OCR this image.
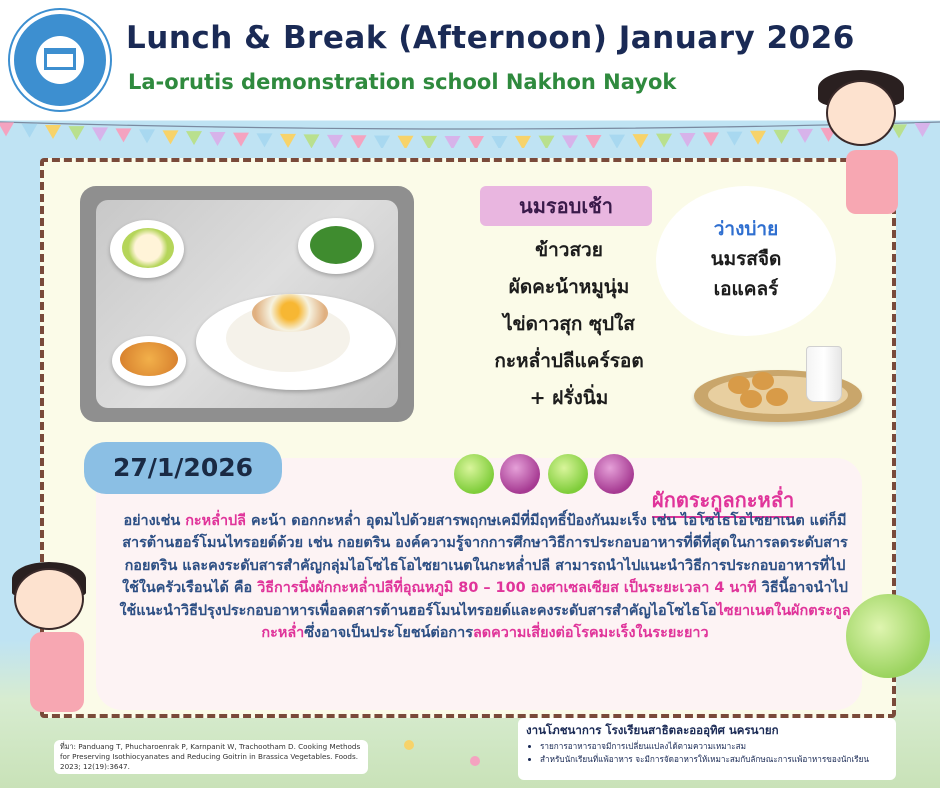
Lunch & Break (Afternoon) January 2026
La-orutis demonstration school Nakhon Nayok
นมรอบเช้า
ข้าวสวย
ผัดคะน้าหมูนุ่ม
ไข่ดาวสุก ซุปใส
กะหล่ำปลีแคร์รอต
+ ฝรั่งนิ่ม
ว่างบ่าย
นมรสจืด
เอแคลร์
27/1/2026
ผักตระกูลกะหล่ำ
อย่างเช่น กะหล่ำปลี คะน้า ดอกกะหล่ำ อุดมไปด้วยสารพฤกษเคมีที่มีฤทธิ์ป้องกันมะเร็ง เช่น ไอโซไธโอไซยาเนต แต่ก็มีสารต้านฮอร์โมนไทรอยด์ด้วย เช่น กอยตริน องค์ความรู้จากการศึกษาวิธีการประกอบอาหารที่ดีที่สุดในการลดระดับสารกอยตริน และคงระดับสารสำคัญกลุ่มไอโซไธโอไซยาเนตในกะหล่ำปลี สามารถนำไปแนะนำวิธีการประกอบอาหารที่ไปใช้ในครัวเรือนได้ คือ วิธีการนึ่งผักกะหล่ำปลีที่อุณหภูมิ 80 – 100 องศาเซลเซียส เป็นระยะเวลา 4 นาที วิธีนี้อาจนำไปใช้แนะนำวิธีปรุงประกอบอาหารเพื่อลดสารต้านฮอร์โมนไทรอยด์และคงระดับสารสำคัญไอโซไธโอไซยาเนตในผักตระกูลกะหล่ำซึ่งอาจเป็นประโยชน์ต่อการลดความเสี่ยงต่อโรคมะเร็งในระยะยาว
ที่มา: Panduang T, Phucharoenrak P, Karnpanit W, Trachootham D. Cooking Methods for Preserving Isothiocyanates and Reducing Goitrin in Brassica Vegetables. Foods. 2023; 12(19):3647.
งานโภชนาการ โรงเรียนสาธิตละอออุทิศ นครนายก
• รายการอาหารอาจมีการเปลี่ยนแปลงได้ตามความเหมาะสม
• สำหรับนักเรียนที่แพ้อาหาร จะมีการจัดอาหารให้เหมาะสมกับลักษณะการแพ้อาหารของนักเรียน
